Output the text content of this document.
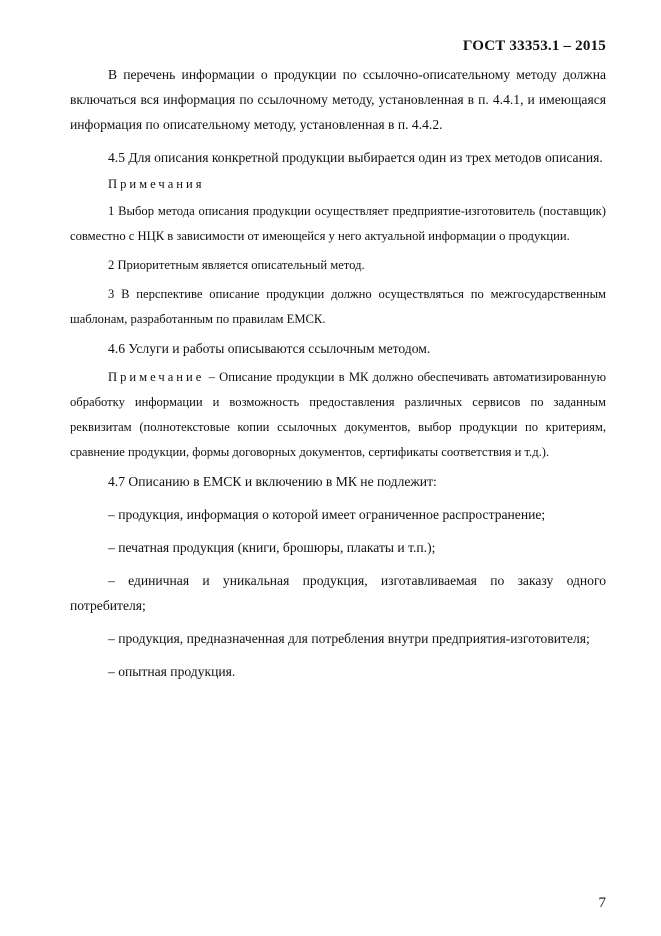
ГОСТ 33353.1 – 2015

В перечень информации о продукции по ссылочно-описательному методу должна включаться вся информация по ссылочному методу, установленная в п. 4.4.1, и имеющаяся информация по описательному методу, установленная в п. 4.4.2.

4.5 Для описания конкретной продукции выбирается один из трех методов описания.

Примечания

1 Выбор метода описания продукции осуществляет предприятие-изготовитель (поставщик) совместно с НЦК в зависимости от имеющейся у него актуальной информации о продукции.

2 Приоритетным является описательный метод.

3 В перспективе описание продукции должно осуществляться по межгосударственным шаблонам, разработанным по правилам ЕМСК.

4.6 Услуги и работы описываются ссылочным методом.

Примечание – Описание продукции в МК должно обеспечивать автоматизированную обработку информации и возможность предоставления различных сервисов по заданным реквизитам (полнотекстовые копии ссылочных документов, выбор продукции по критериям, сравнение продукции, формы договорных документов, сертификаты соответствия и т.д.).

4.7 Описанию в ЕМСК и включению в МК не подлежит:

– продукция, информация о которой имеет ограниченное распространение;

– печатная продукция (книги, брошюры, плакаты и т.п.);

– единичная и уникальная продукция, изготавливаемая по заказу одного потребителя;

– продукция, предназначенная для потребления внутри предприятия-изготовителя;

– опытная продукция.

7
